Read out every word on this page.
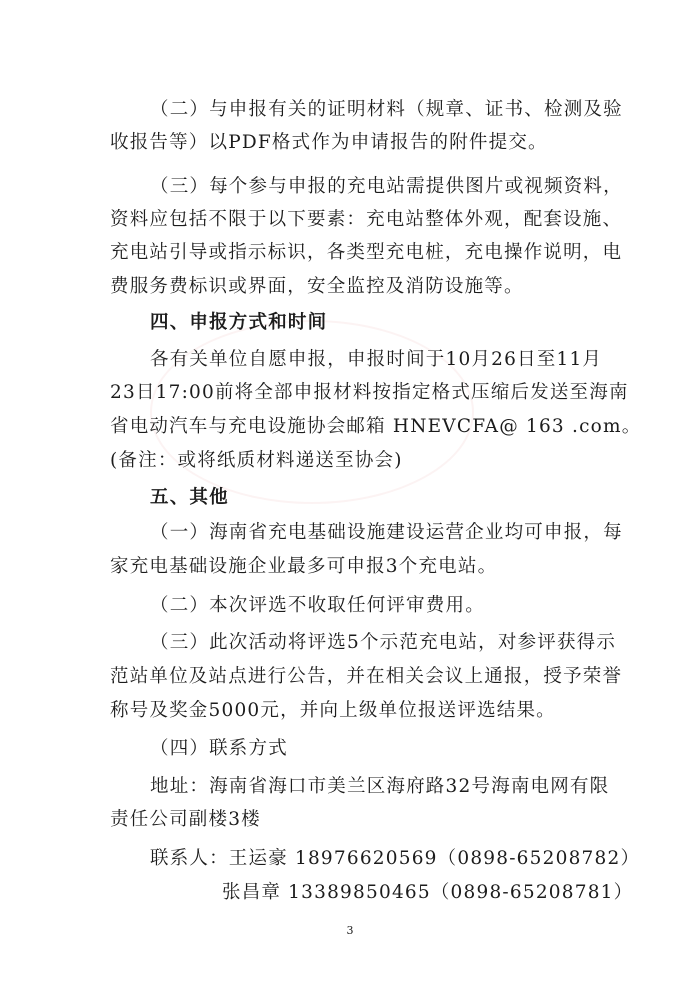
（二）与申报有关的证明材料（规章、证书、检测及验
收报告等）以PDF格式作为申请报告的附件提交。
（三）每个参与申报的充电站需提供图片或视频资料，
资料应包括不限于以下要素：充电站整体外观，配套设施、
充电站引导或指示标识，各类型充电桩，充电操作说明，电
费服务费标识或界面，安全监控及消防设施等。
四、申报方式和时间
各有关单位自愿申报，申报时间于10月26日至11月
23日17:00前将全部申报材料按指定格式压缩后发送至海南
省电动汽车与充电设施协会邮箱 HNEVCFA@ 163 .com。
(备注：或将纸质材料递送至协会)
五、其他
（一）海南省充电基础设施建设运营企业均可申报，每
家充电基础设施企业最多可申报3个充电站。
（二）本次评选不收取任何评审费用。
（三）此次活动将评选5个示范充电站，对参评获得示
范站单位及站点进行公告，并在相关会议上通报，授予荣誉
称号及奖金5000元，并向上级单位报送评选结果。
（四）联系方式
地址：海南省海口市美兰区海府路32号海南电网有限
责任公司副楼3楼
联系人：王运豪 18976620569（0898-65208782）
张昌章 13389850465（0898-65208781）
3
